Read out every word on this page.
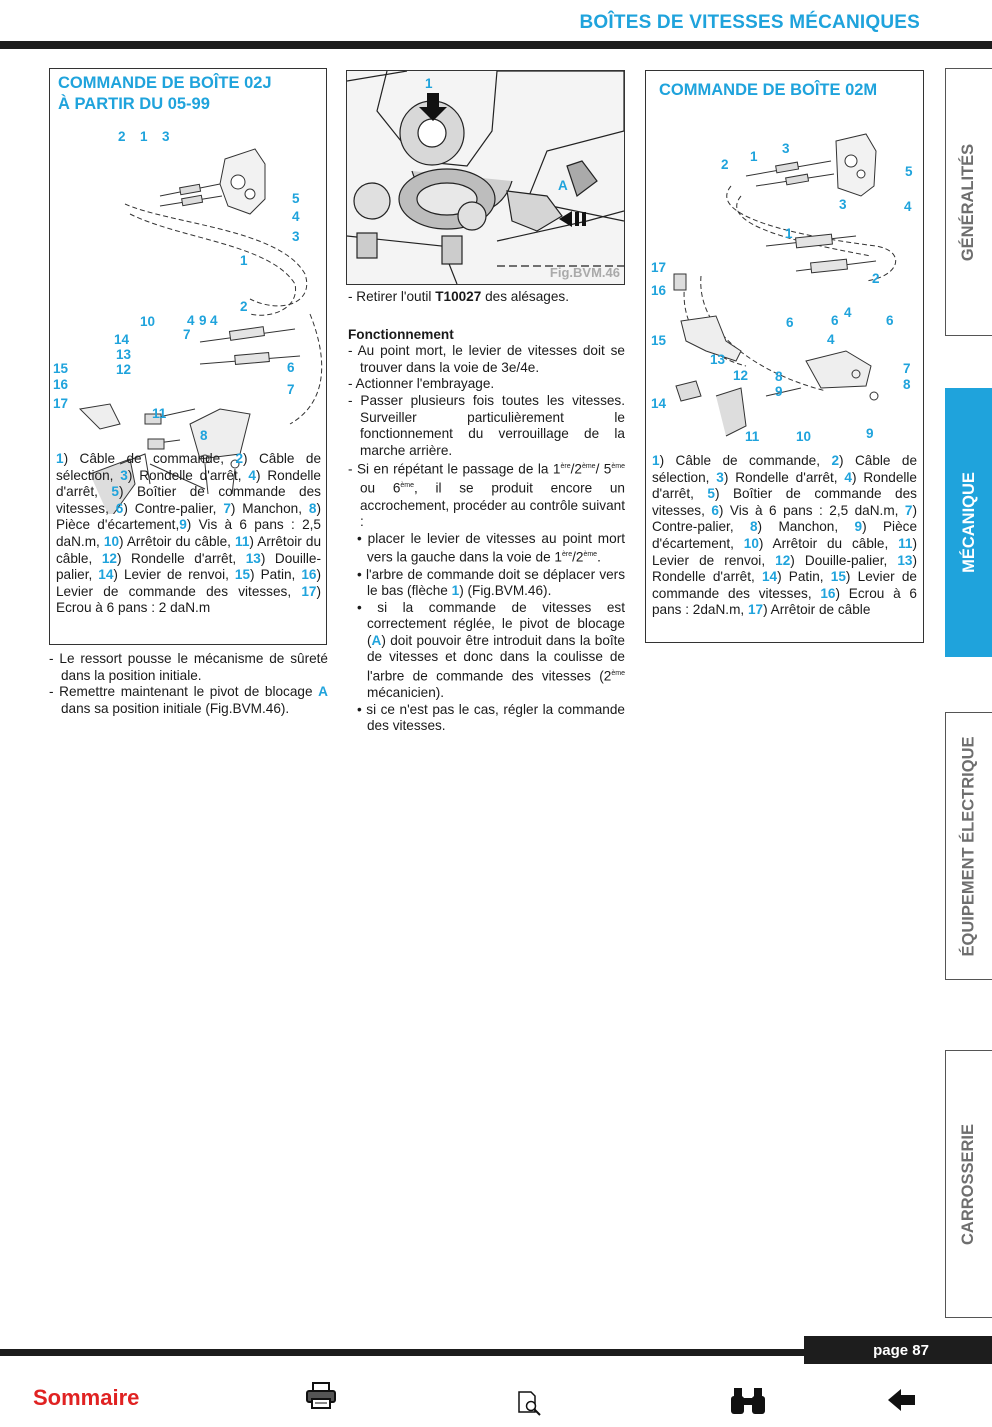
BOÎTES DE VITESSES MÉCANIQUES
COMMANDE DE BOÎTE 02J
À PARTIR DU 05-99
2 1 3
5
4
3
1
2
10 4 9 4
7
14
13
12
15
16
17
6
7
11
8
1) Câble de commande, 2) Câble de sélection, 3) Rondelle d'arrêt, 4) Rondelle d'arrêt, 5) Boîtier de commande des vitesses, 6) Contre-palier, 7) Manchon, 8) Pièce d'écartement,9) Vis à 6 pans : 2,5 daN.m, 10) Arrêtoir du câble, 11) Arrêtoir du câble, 12) Rondelle d'arrêt, 13) Douille-palier, 14) Levier de renvoi, 15) Patin, 16) Levier de commande des vitesses, 17) Ecrou à 6 pans : 2 daN.m
- Le ressort pousse le mécanisme de sûreté dans la position initiale.
- Remettre maintenant le pivot de blocage A dans sa position initiale (Fig.BVM.46).
1
A
Fig.BVM.46
- Retirer l'outil T10027 des alésages.
Fonctionnement
- Au point mort, le levier de vitesses doit se trouver dans la voie de 3e/4e.
- Actionner l'embrayage.
- Passer plusieurs fois toutes les vitesses. Surveiller particulièrement le fonctionnement du verrouillage de la marche arrière.
- Si en répétant le passage de la 1ère/2ème/ 5ème ou 6ème, il se produit encore un accrochement, procéder au contrôle suivant :
• placer le levier de vitesses au point mort vers la gauche dans la voie de 1ère/2ème.
• l'arbre de commande doit se déplacer vers le bas (flèche 1) (Fig.BVM.46).
• si la commande de vitesses est correctement réglée, le pivot de blocage (A) doit pouvoir être introduit dans la boîte de vitesses et donc dans la coulisse de l'arbre de commande des vitesses (2ème mécanicien).
• si ce n'est pas le cas, régler la commande des vitesses.
COMMANDE DE BOÎTE 02M
3
2
1
5
3	4
1
2
17
16
4
6	6	6
4
15
13
12	7
8
8
9
14
11	10	9
1) Câble de commande, 2) Câble de sélection, 3) Rondelle d'arrêt, 4) Rondelle d'arrêt, 5) Boîtier de commande des vitesses, 6) Vis à 6 pans : 2,5 daN.m, 7) Contre-palier, 8) Manchon, 9) Pièce d'écartement, 10) Arrêtoir du câble, 11) Levier de renvoi, 12) Douille-palier, 13) Rondelle d'arrêt, 14) Patin, 15) Levier de commande des vitesses, 16) Ecrou à 6 pans : 2daN.m, 17) Arrêtoir de câble
GÉNÉRALITÉS
MÉCANIQUE
ÉQUIPEMENT ÉLECTRIQUE
CARROSSERIE
page 87
Sommaire
